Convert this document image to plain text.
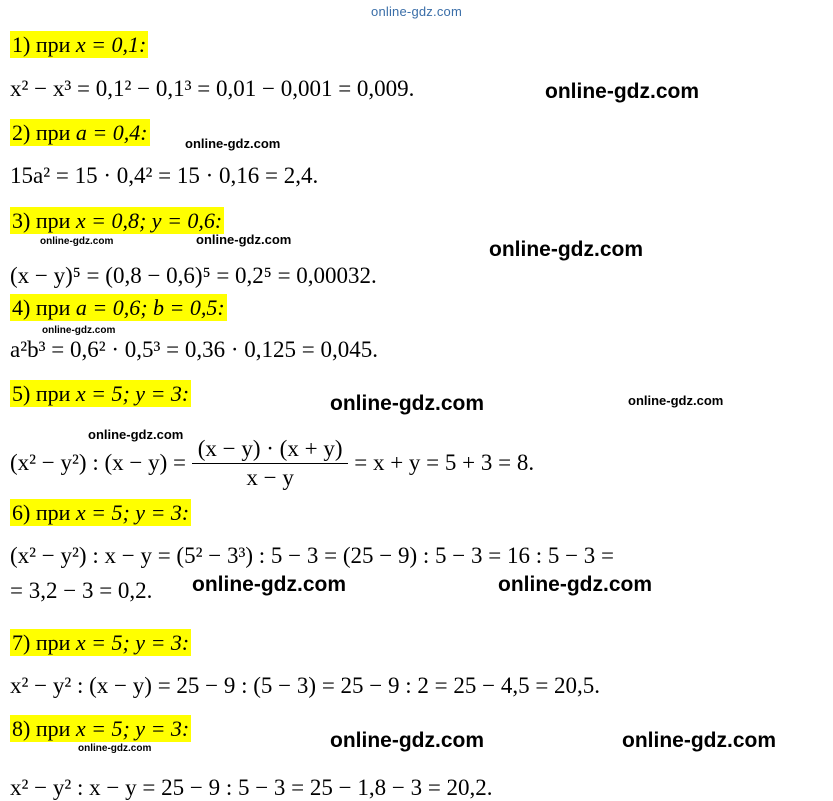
online-gdz.com
1) при x = 0,1:
x² − x³ = 0,1² − 0,1³ = 0,01 − 0,001 = 0,009.
2) при a = 0,4:
15a² = 15 · 0,4² = 15 · 0,16 = 2,4.
3) при x = 0,8; y = 0,6:
(x − y)⁵ = (0,8 − 0,6)⁵ = 0,2⁵ = 0,00032.
4) при a = 0,6; b = 0,5:
a²b³ = 0,6² · 0,5³ = 0,36 · 0,125 = 0,045.
5) при x = 5; y = 3:
(x² − y²) : $(x - y) = \frac{(x - y) \cdot (x + y)}{x - y} = x + y = 5 + 3 = 8$.
6) при x = 5; y = 3:
(x² − y²) : x − y = (5² − 3³) : 5 − 3 = (25 − 9) : 5 − 3 = 16 : 5 − 3 =
= 3,2 − 3 = 0,2.
7) при x = 5; y = 3:
x² − y² : (x − y) = 25 − 9 : (5 − 3) = 25 − 9 : 2 = 25 − 4,5 = 20,5.
8) при x = 5; y = 3:
x² − y² : x − y = 25 − 9 : 5 − 3 = 25 − 1,8 − 3 = 20,2.
online-gdz.com
online-gdz.com
online-gdz.com	online-gdz.com	online-gdz.com
online-gdz.com
online-gdz.com	online-gdz.com
online-gdz.com
online-gdz.com	online-gdz.com
online-gdz.com	online-gdz.com
online-gdz.com
